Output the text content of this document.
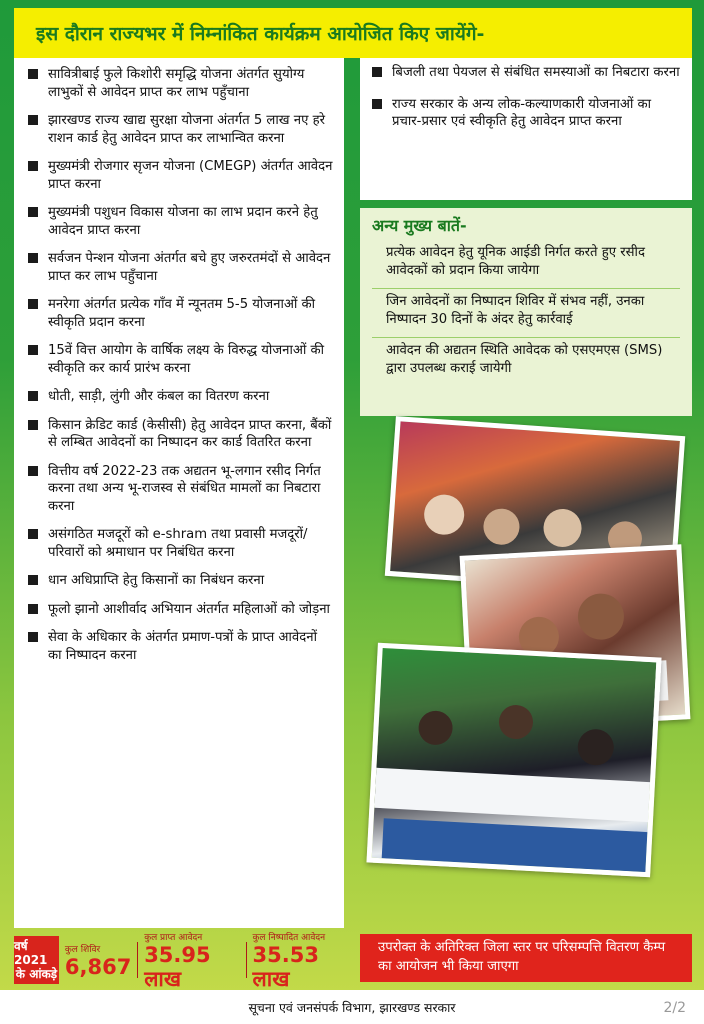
इस दौरान राज्यभर में निम्नांकित कार्यक्रम आयोजित किए जायेंगे-
सावित्रीबाई फुले किशोरी समृद्धि योजना अंतर्गत सुयोग्य लाभुकों से आवेदन प्राप्त कर लाभ पहुँचाना
झारखण्ड राज्य खाद्य सुरक्षा योजना अंतर्गत 5 लाख नए हरे राशन कार्ड हेतु आवेदन प्राप्त कर लाभान्वित करना
मुख्यमंत्री रोजगार सृजन योजना (CMEGP) अंतर्गत आवेदन प्राप्त करना
मुख्यमंत्री पशुधन विकास योजना का लाभ प्रदान करने हेतु आवेदन प्राप्त करना
सर्वजन पेन्शन योजना अंतर्गत बचे हुए जरुरतमंदों से आवेदन प्राप्त कर लाभ पहुँचाना
मनरेगा अंतर्गत प्रत्येक गाँव में न्यूनतम 5-5 योजनाओं की स्वीकृति प्रदान करना
15वें वित्त आयोग के वार्षिक लक्ष्य के विरुद्ध योजनाओं की स्वीकृति कर कार्य प्रारंभ करना
धोती, साड़ी, लुंगी और कंबल का वितरण करना
किसान क्रेडिट कार्ड (केसीसी) हेतु आवेदन प्राप्त करना, बैंकों से लम्बित आवेदनों का निष्पादन कर कार्ड वितरित करना
वित्तीय वर्ष 2022-23 तक अद्यतन भू-लगान रसीद निर्गत करना तथा अन्य भू-राजस्व से संबंधित मामलों का निबटारा करना
असंगठित मजदूरों को e-shram तथा प्रवासी मजदूरों/परिवारों को श्रमाधान पर निबंधित करना
धान अधिप्राप्ति हेतु किसानों का निबंधन करना
फूलो झानो आशीर्वाद अभियान अंतर्गत महिलाओं को जोड़ना
सेवा के अधिकार के अंतर्गत प्रमाण-पत्रों के प्राप्त आवेदनों का निष्पादन करना
बिजली तथा पेयजल से संबंधित समस्याओं का निबटारा करना
राज्य सरकार के अन्य लोक-कल्याणकारी योजनाओं का प्रचार-प्रसार एवं स्वीकृति हेतु आवेदन प्राप्त करना
अन्य मुख्य बातें-
प्रत्येक आवेदन हेतु यूनिक आईडी निर्गत करते हुए रसीद आवेदकों को प्रदान किया जायेगा
जिन आवेदनों का निष्पादन शिविर में संभव नहीं, उनका निष्पादन 30 दिनों के अंदर हेतु कार्रवाई
आवेदन की अद्यतन स्थिति आवेदक को एसएमएस (SMS) द्वारा उपलब्ध कराई जायेगी
वर्ष 2021
के आंकड़े
कुल शिविर
6,867
कुल प्राप्त आवेदन
35.95 लाख
कुल निष्पादित आवेदन
35.53 लाख
उपरोक्त के अतिरिक्त जिला स्तर पर परिसम्पत्ति वितरण कैम्प का आयोजन भी किया जाएगा
सूचना एवं जनसंपर्क विभाग, झारखण्ड सरकार	2/2
